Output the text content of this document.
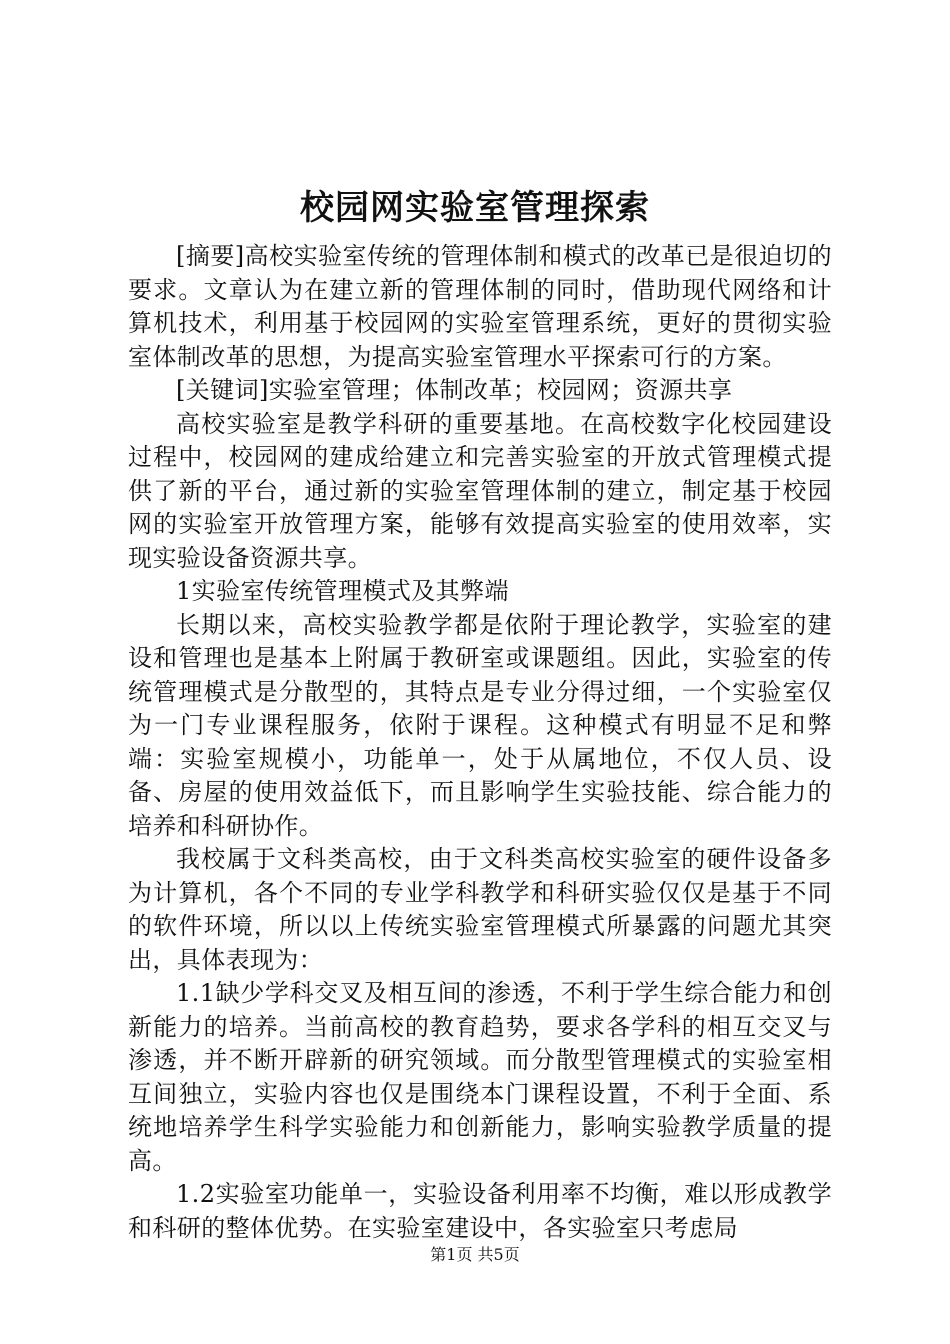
校园网实验室管理探索

[摘要]高校实验室传统的管理体制和模式的改革已是很迫切的要求。文章认为在建立新的管理体制的同时，借助现代网络和计算机技术，利用基于校园网的实验室管理系统，更好的贯彻实验室体制改革的思想，为提高实验室管理水平探索可行的方案。

[关键词]实验室管理；体制改革；校园网；资源共享

高校实验室是教学科研的重要基地。在高校数字化校园建设过程中，校园网的建成给建立和完善实验室的开放式管理模式提供了新的平台，通过新的实验室管理体制的建立，制定基于校园网的实验室开放管理方案，能够有效提高实验室的使用效率，实现实验设备资源共享。

1实验室传统管理模式及其弊端

长期以来，高校实验教学都是依附于理论教学，实验室的建设和管理也是基本上附属于教研室或课题组。因此，实验室的传统管理模式是分散型的，其特点是专业分得过细，一个实验室仅为一门专业课程服务，依附于课程。这种模式有明显不足和弊端：实验室规模小，功能单一，处于从属地位，不仅人员、设备、房屋的使用效益低下，而且影响学生实验技能、综合能力的培养和科研协作。

我校属于文科类高校，由于文科类高校实验室的硬件设备多为计算机，各个不同的专业学科教学和科研实验仅仅是基于不同的软件环境，所以以上传统实验室管理模式所暴露的问题尤其突出，具体表现为：

1.1缺少学科交叉及相互间的渗透，不利于学生综合能力和创新能力的培养。当前高校的教育趋势，要求各学科的相互交叉与渗透，并不断开辟新的研究领域。而分散型管理模式的实验室相互间独立，实验内容也仅是围绕本门课程设置，不利于全面、系统地培养学生科学实验能力和创新能力，影响实验教学质量的提高。

1.2实验室功能单一，实验设备利用率不均衡，难以形成教学和科研的整体优势。在实验室建设中，各实验室只考虑局

第1页 共5页
